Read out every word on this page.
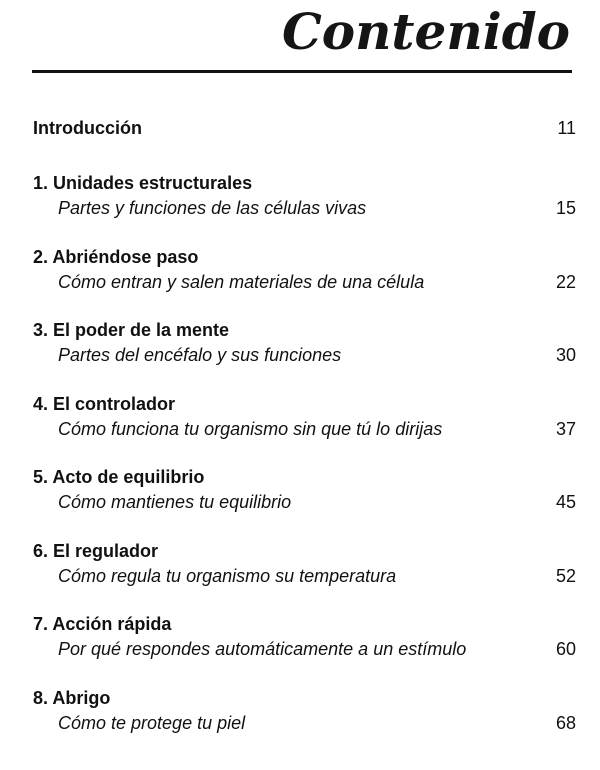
Contenido
Introducción	11
1. Unidades estructurales
Partes y funciones de las células vivas	15
2. Abriéndose paso
Cómo entran y salen materiales de una célula	22
3. El poder de la mente
Partes del encéfalo y sus funciones	30
4. El controlador
Cómo funciona tu organismo sin que tú lo dirijas	37
5. Acto de equilibrio
Cómo mantienes tu equilibrio	45
6. El regulador
Cómo regula tu organismo su temperatura	52
7. Acción rápida
Por qué respondes automáticamente a un estímulo	60
8. Abrigo
Cómo te protege tu piel	68
